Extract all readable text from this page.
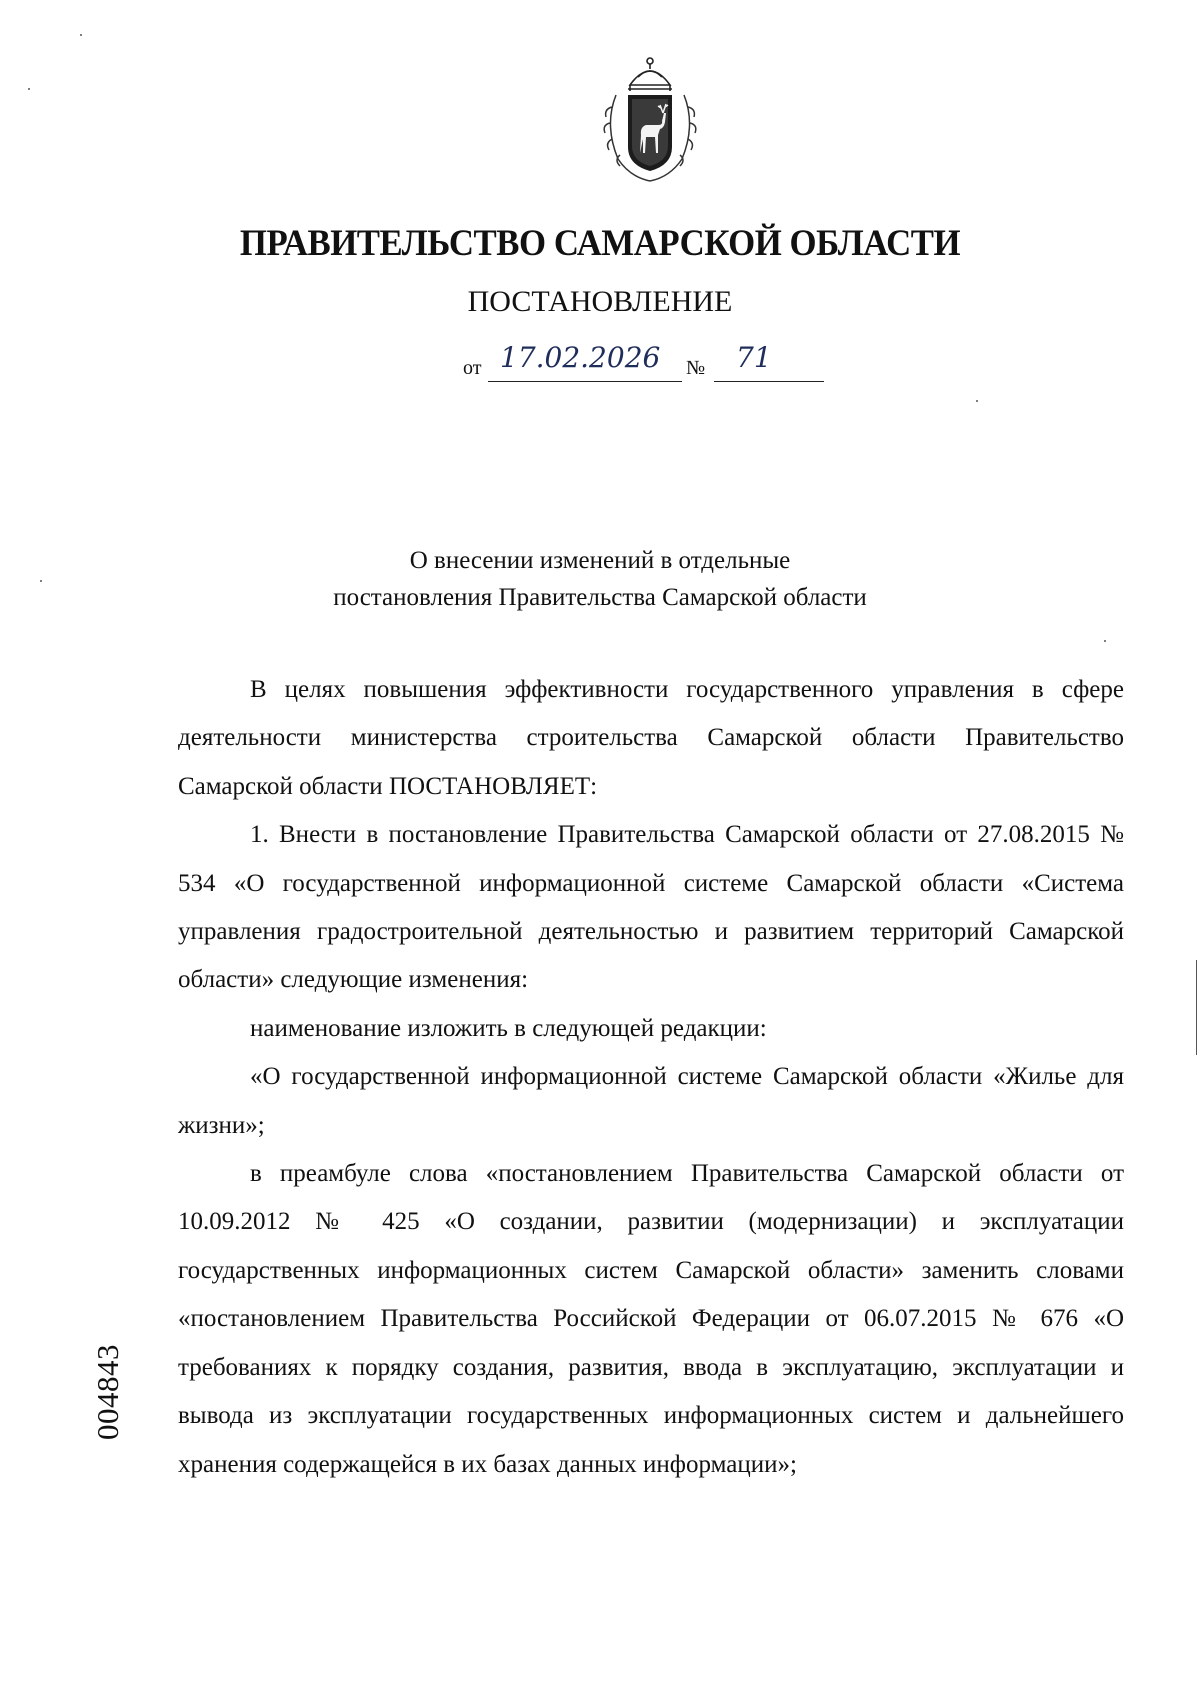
ПРАВИТЕЛЬСТВО САМАРСКОЙ ОБЛАСТИ
ПОСТАНОВЛЕНИЕ
от 17.02.2026 № 71
О внесении изменений в отдельные
постановления Правительства Самарской области

В целях повышения эффективности государственного управления в сфере деятельности министерства строительства Самарской области Правительство Самарской области ПОСТАНОВЛЯЕТ:

1. Внести в постановление Правительства Самарской области от 27.08.2015 № 534 «О государственной информационной системе Самарской области «Система управления градостроительной деятельностью и развитием территорий Самарской области» следующие изменения:

наименование изложить в следующей редакции:

«О государственной информационной системе Самарской области «Жилье для жизни»;

в преамбуле слова «постановлением Правительства Самарской области от 10.09.2012 № 425 «О создании, развитии (модернизации) и эксплуатации государственных информационных систем Самарской области» заменить словами «постановлением Правительства Российской Федерации от 06.07.2015 № 676 «О требованиях к порядку создания, развития, ввода в эксплуатацию, эксплуатации и вывода из эксплуатации государственных информационных систем и дальнейшего хранения содержащейся в их базах данных информации»;

004843
